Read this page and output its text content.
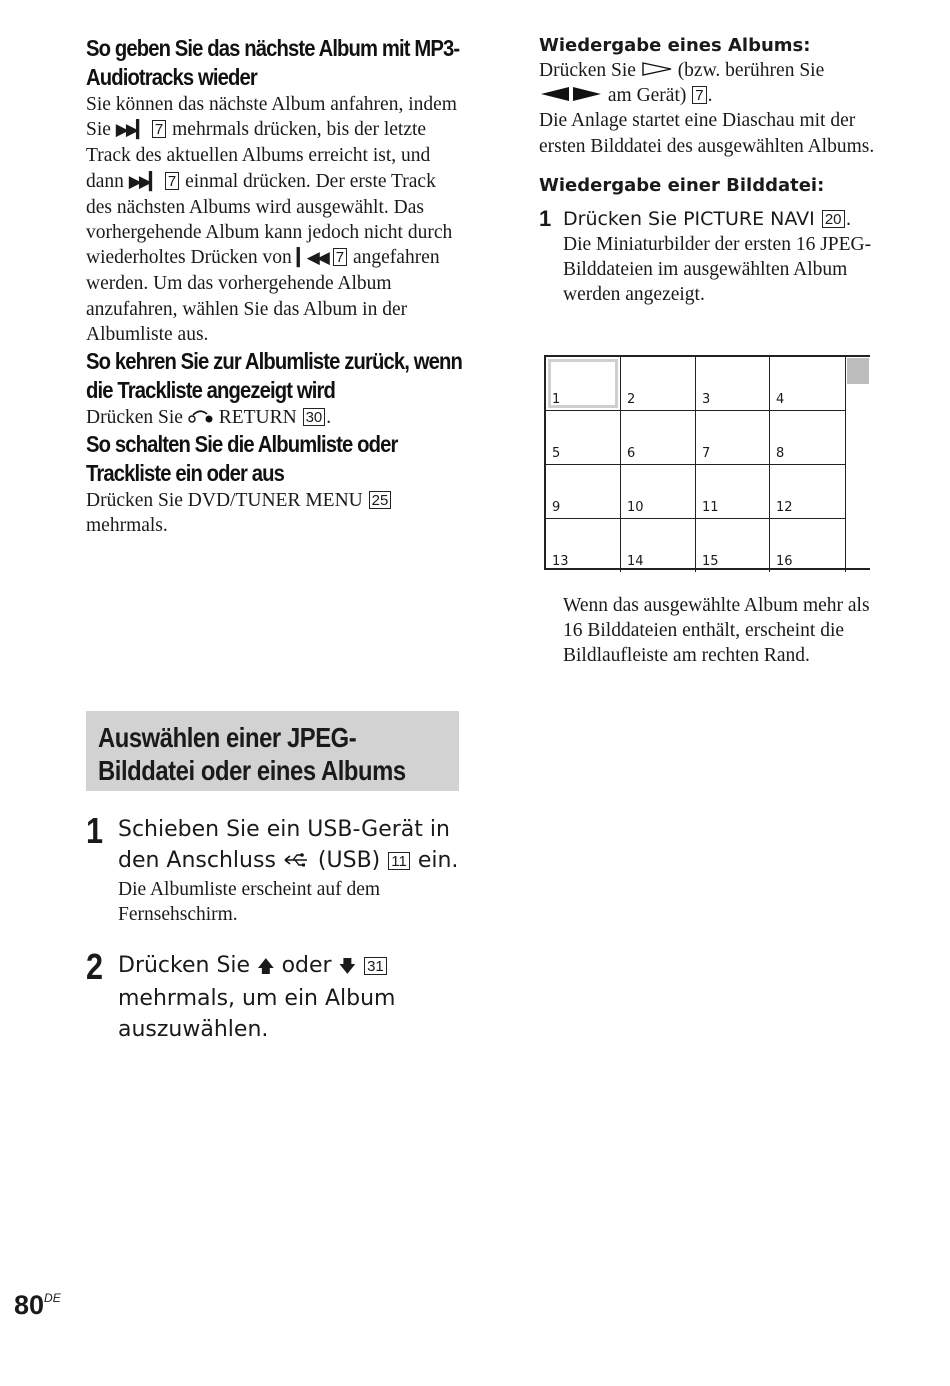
So geben Sie das nächste Album mit MP3-Audiotracks wieder

Sie können das nächste Album anfahren, indem Sie ▶▶▎ 7 mehrmals drücken, bis der letzte Track des aktuellen Albums erreicht ist, und dann ▶▶▎ 7 einmal drücken. Der erste Track des nächsten Albums wird ausgewählt. Das vorhergehende Album kann jedoch nicht durch wiederholtes Drücken von ▎◀◀ 7 angefahren werden. Um das vorhergehende Album anzufahren, wählen Sie das Album in der Albumliste aus.

So kehren Sie zur Albumliste zurück, wenn die Trackliste angezeigt wird

Drücken Sie RETURN 30 .

So schalten Sie die Albumliste oder Trackliste ein oder aus

Drücken Sie DVD/TUNER MENU 25 mehrmals.

Auswählen einer JPEG-Bilddatei oder eines Albums
1 Schieben Sie ein USB-Gerät in den Anschluss (USB) 11 ein.
Die Albumliste erscheint auf dem Fernsehschirm.
2 Drücken Sie 🡅 oder 🡇 31 mehrmals, um ein Album auszuwählen.

Wiedergabe eines Albums:

Drücken Sie (bzw. berühren Sie  am Gerät) 7 .
Die Anlage startet eine Diaschau mit der ersten Bilddatei des ausgewählten Albums.

Wiedergabe einer Bilddatei:

1 Drücken Sie PICTURE NAVI 20 .
Die Miniaturbilder der ersten 16 JPEG-Bilddateien im ausgewählten Album werden angezeigt.
1	2	3	4
5	6	7	8
9	10	11	12
13	14	15	16

Wenn das ausgewählte Album mehr als 16 Bilddateien enthält, erscheint die Bildlaufleiste am rechten Rand.

80DE
